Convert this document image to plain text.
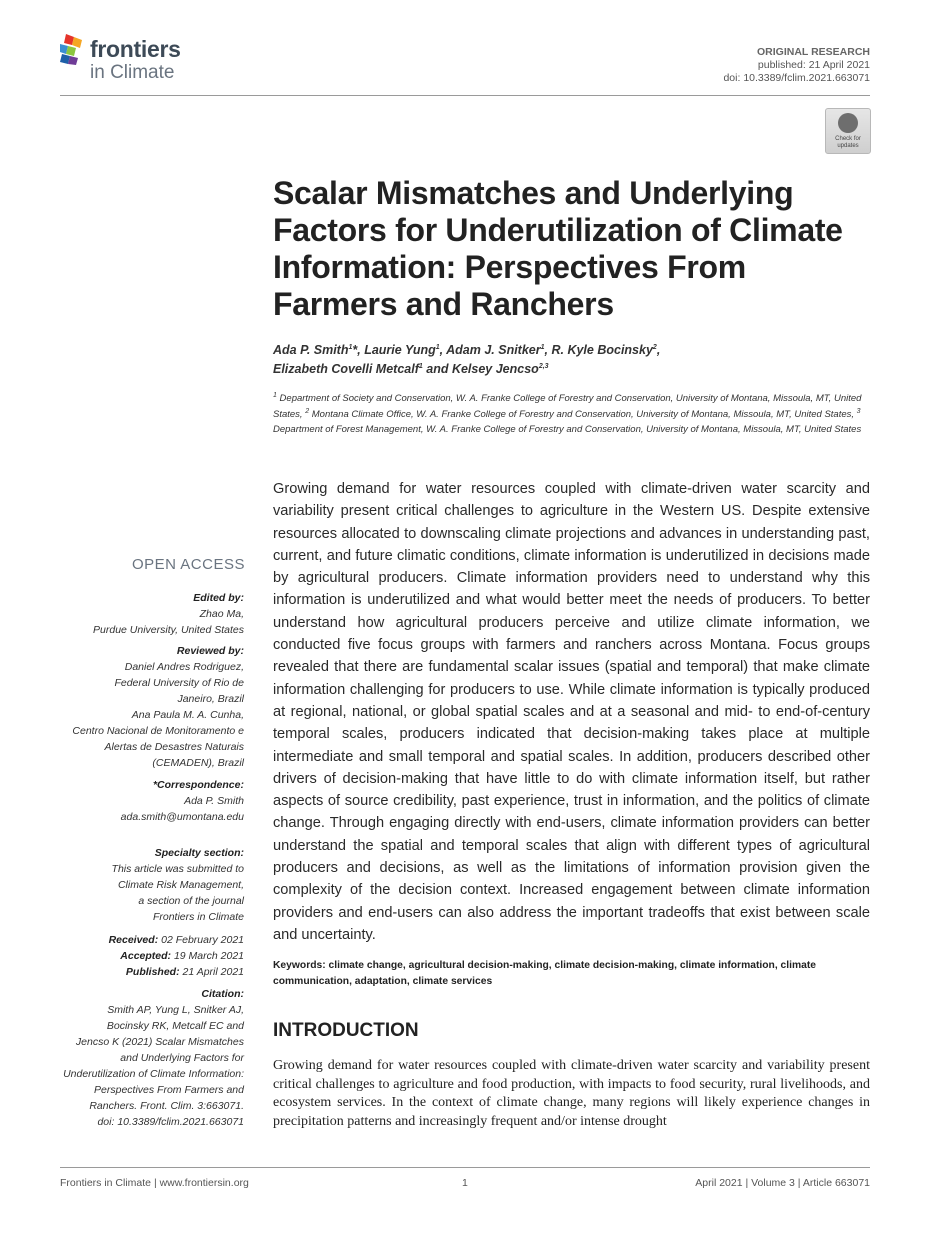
frontiers
in Climate
ORIGINAL RESEARCH
published: 21 April 2021
doi: 10.3389/fclim.2021.663071
Check for updates
Scalar Mismatches and Underlying Factors for Underutilization of Climate Information: Perspectives From Farmers and Ranchers
Ada P. Smith$^1$*, Laurie Yung$^1$, Adam J. Snitker$^1$, R. Kyle Bocinsky$^2$,
Elizabeth Covelli Metcalf$^1$ and Kelsey Jencso$^{2,3}$
$^1$ Department of Society and Conservation, W. A. Franke College of Forestry and Conservation, University of Montana, Missoula, MT, United States, $^2$ Montana Climate Office, W. A. Franke College of Forestry and Conservation, University of Montana, Missoula, MT, United States, $^3$ Department of Forest Management, W. A. Franke College of Forestry and Conservation, University of Montana, Missoula, MT, United States
OPEN ACCESS
Edited by:
Zhao Ma,
Purdue University, United States
Reviewed by:
Daniel Andres Rodriguez,
Federal University of Rio de
Janeiro, Brazil
Ana Paula M. A. Cunha,
Centro Nacional de Monitoramento e
Alertas de Desastres Naturais
(CEMADEN), Brazil
*Correspondence:
Ada P. Smith
ada.smith@umontana.edu
Specialty section:
This article was submitted to
Climate Risk Management,
a section of the journal
Frontiers in Climate
Received: 02 February 2021
Accepted: 19 March 2021
Published: 21 April 2021
Citation:
Smith AP, Yung L, Snitker AJ,
Bocinsky RK, Metcalf EC and
Jencso K (2021) Scalar Mismatches
and Underlying Factors for
Underutilization of Climate Information:
Perspectives From Farmers and
Ranchers. Front. Clim. 3:663071.
doi: 10.3389/fclim.2021.663071
Growing demand for water resources coupled with climate-driven water scarcity and variability present critical challenges to agriculture in the Western US. Despite extensive resources allocated to downscaling climate projections and advances in understanding past, current, and future climatic conditions, climate information is underutilized in decisions made by agricultural producers. Climate information providers need to understand why this information is underutilized and what would better meet the needs of producers. To better understand how agricultural producers perceive and utilize climate information, we conducted five focus groups with farmers and ranchers across Montana. Focus groups revealed that there are fundamental scalar issues (spatial and temporal) that make climate information challenging for producers to use. While climate information is typically produced at regional, national, or global spatial scales and at a seasonal and mid- to end-of-century temporal scales, producers indicated that decision-making takes place at multiple intermediate and small temporal and spatial scales. In addition, producers described other drivers of decision-making that have little to do with climate information itself, but rather aspects of source credibility, past experience, trust in information, and the politics of climate change. Through engaging directly with end-users, climate information providers can better understand the spatial and temporal scales that align with different types of agricultural producers and decisions, as well as the limitations of information provision given the complexity of the decision context. Increased engagement between climate information providers and end-users can also address the important tradeoffs that exist between scale and uncertainty.
Keywords: climate change, agricultural decision-making, climate decision-making, climate information, climate communication, adaptation, climate services
INTRODUCTION
Growing demand for water resources coupled with climate-driven water scarcity and variability present critical challenges to agriculture and food production, with impacts to food security, rural livelihoods, and ecosystem services. In the context of climate change, many regions will likely experience changes in precipitation patterns and increasingly frequent and/or intense drought
Frontiers in Climate | www.frontiersin.org	1	April 2021 | Volume 3 | Article 663071
